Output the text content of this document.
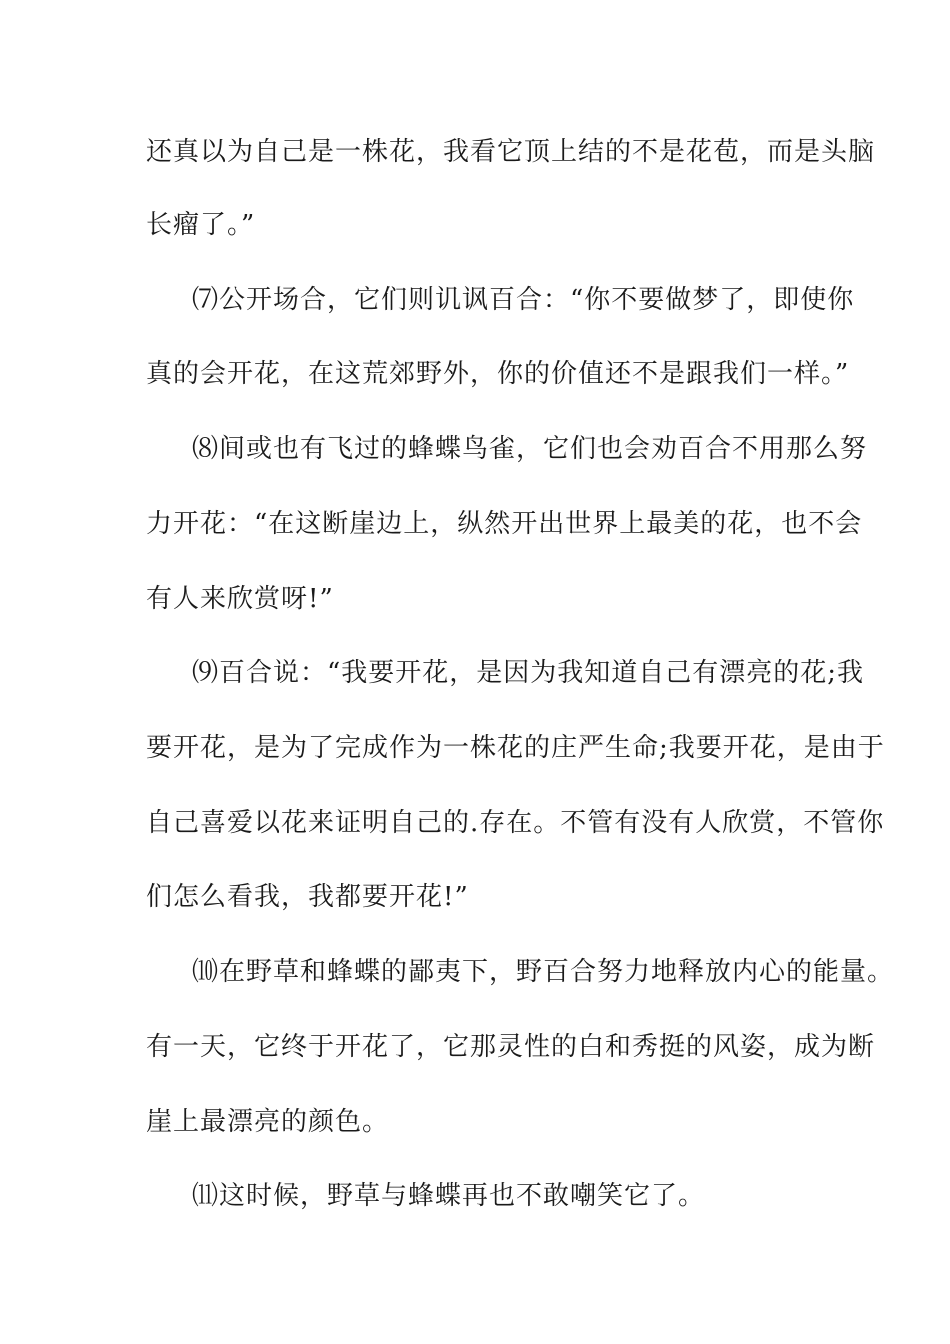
还真以为自己是一株花，我看它顶上结的不是花苞，而是头脑
长瘤了。”
⑺公开场合，它们则讥讽百合：“你不要做梦了，即使你
真的会开花，在这荒郊野外，你的价值还不是跟我们一样。”
⑻间或也有飞过的蜂蝶鸟雀，它们也会劝百合不用那么努
力开花：“在这断崖边上，纵然开出世界上最美的花，也不会
有人来欣赏呀!”
⑼百合说：“我要开花，是因为我知道自己有漂亮的花;我
要开花，是为了完成作为一株花的庄严生命;我要开花，是由于
自己喜爱以花来证明自己的.存在。不管有没有人欣赏，不管你
们怎么看我，我都要开花!”
⑽在野草和蜂蝶的鄙夷下，野百合努力地释放内心的能量。
有一天，它终于开花了，它那灵性的白和秀挺的风姿，成为断
崖上最漂亮的颜色。
⑾这时候，野草与蜂蝶再也不敢嘲笑它了。
